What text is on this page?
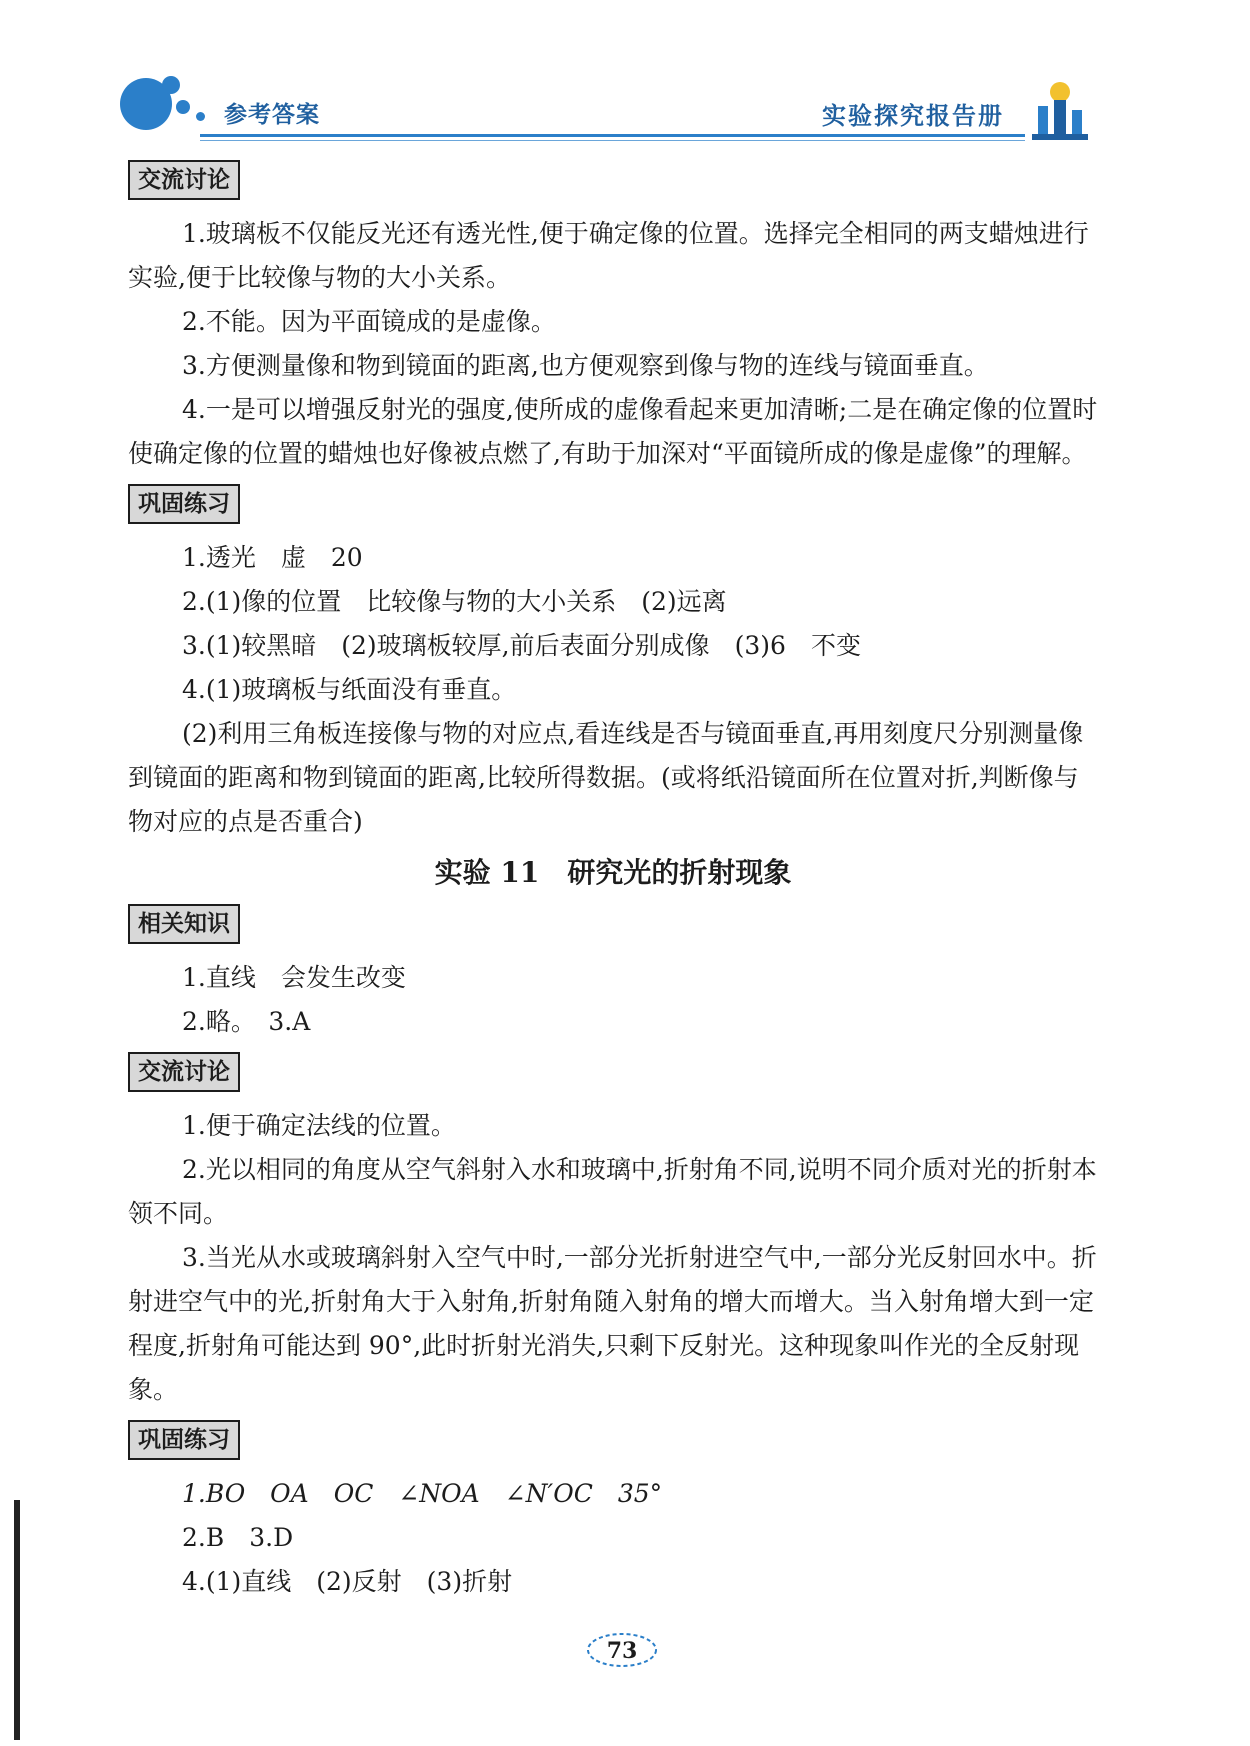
参考答案	实验探究报告册
交流讨论

1.玻璃板不仅能反光还有透光性,便于确定像的位置。选择完全相同的两支蜡烛进行实验,便于比较像与物的大小关系。

2.不能。因为平面镜成的是虚像。

3.方便测量像和物到镜面的距离,也方便观察到像与物的连线与镜面垂直。

4.一是可以增强反射光的强度,使所成的虚像看起来更加清晰;二是在确定像的位置时使确定像的位置的蜡烛也好像被点燃了,有助于加深对“平面镜所成的像是虚像”的理解。

巩固练习

1.透光　虚　20

2.(1)像的位置　比较像与物的大小关系　(2)远离

3.(1)较黑暗　(2)玻璃板较厚,前后表面分别成像　(3)6　不变

4.(1)玻璃板与纸面没有垂直。

(2)利用三角板连接像与物的对应点,看连线是否与镜面垂直,再用刻度尺分别测量像到镜面的距离和物到镜面的距离,比较所得数据。(或将纸沿镜面所在位置对折,判断像与物对应的点是否重合)

实验 11　研究光的折射现象
相关知识

1.直线　会发生改变

2.略。　3.A

交流讨论

1.便于确定法线的位置。

2.光以相同的角度从空气斜射入水和玻璃中,折射角不同,说明不同介质对光的折射本领不同。

3.当光从水或玻璃斜射入空气中时,一部分光折射进空气中,一部分光反射回水中。折射进空气中的光,折射角大于入射角,折射角随入射角的增大而增大。当入射角增大到一定程度,折射角可能达到 90°,此时折射光消失,只剩下反射光。这种现象叫作光的全反射现象。

巩固练习

1.BO　OA　OC　∠NOA　∠N′OC　35°

2.B　3.D

4.(1)直线　(2)反射　(3)折射

73
